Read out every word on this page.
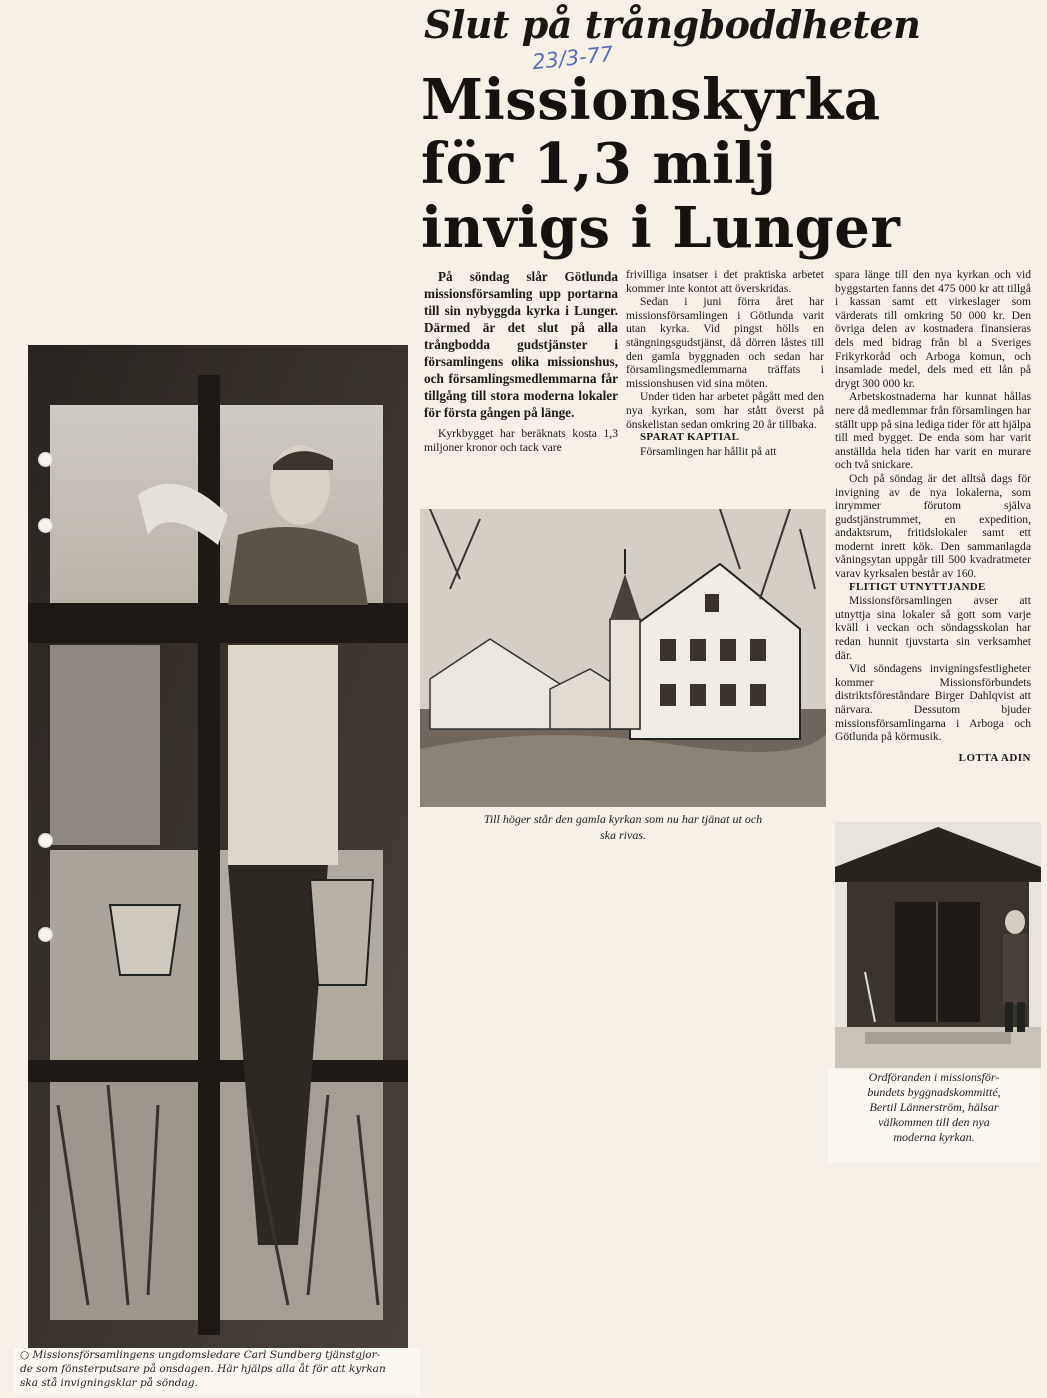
○ Missionsförsamlingens ungdomsledare Carl Sundberg tjänstgjor-

de som fönsterputsare på onsdagen. Här hjälps alla åt för att kyrkan

ska stå invigningsklar på söndag.

Slut på trångboddheten
23/3-77
Missionskyrka
för 1,3 milj
invigs i Lunger

På söndag slår Götlunda missionsförsamling upp portarna till sin nybyggda kyrka i Lunger. Därmed är det slut på alla trångbodda gudstjänster i församlingens olika missionshus, och församlingsmedlemmarna får tillgång till stora moderna lokaler för första gången på länge.

Kyrkbygget har beräknats kosta 1,3 miljoner kronor och tack vare

frivilliga insatser i det praktiska arbetet kommer inte kontot att överskridas.

Sedan i juni förra året har missionsförsamlingen i Götlunda varit utan kyrka. Vid pingst hölls en stängningsgudstjänst, då dörren låstes till den gamla byggnaden och sedan har församlingsmedlemmarna träffats i missionshusen vid sina möten.

Under tiden har arbetet pågått med den nya kyrkan, som har stått överst på önskelistan sedan omkring 20 år tillbaka.

SPARAT KAPTIAL

Församlingen har hållit på att

spara länge till den nya kyrkan och vid byggstarten fanns det 475 000 kr att tillgå i kassan samt ett virkeslager som värderats till omkring 50 000 kr. Den övriga delen av kostnadera finansieras dels med bidrag från bl a Sveriges Frikyrkoråd och Arboga komun, och insamlade medel, dels med ett lån på drygt 300 000 kr.

Arbetskostnaderna har kunnat hållas nere då medlemmar från församlingen har ställt upp på sina lediga tider för att hjälpa till med bygget. De enda som har varit anställda hela tiden har varit en murare och två snickare.

Och på söndag är det alltså dags för invigning av de nya lokalerna, som inrymmer förutom själva gudstjänstrummet, en expedition, andaktsrum, fritidslokaler samt ett modernt inrett kök. Den sammanlagda våningsytan uppgår till 500 kvadratmeter varav kyrksalen består av 160.

FLITIGT UTNYTTJANDE

Missionsförsamlingen avser att utnyttja sina lokaler så gott som varje kväll i veckan och söndagsskolan har redan hunnit tjuvstarta sin verksamhet där.

Vid söndagens invigningsfestligheter kommer Missionsförbundets distriktsföreståndare Birger Dahlqvist att närvara. Dessutom bjuder missionsförsamlingarna i Arboga och Götlunda på körmusik.

LOTTA ADIN

Till höger står den gamla kyrkan som nu har tjänat ut och
ska rivas.
Ordföranden i missionsför-
bundets byggnadskommitté,
Bertil Lännerström, hälsar
välkommen till den nya
moderna kyrkan.
